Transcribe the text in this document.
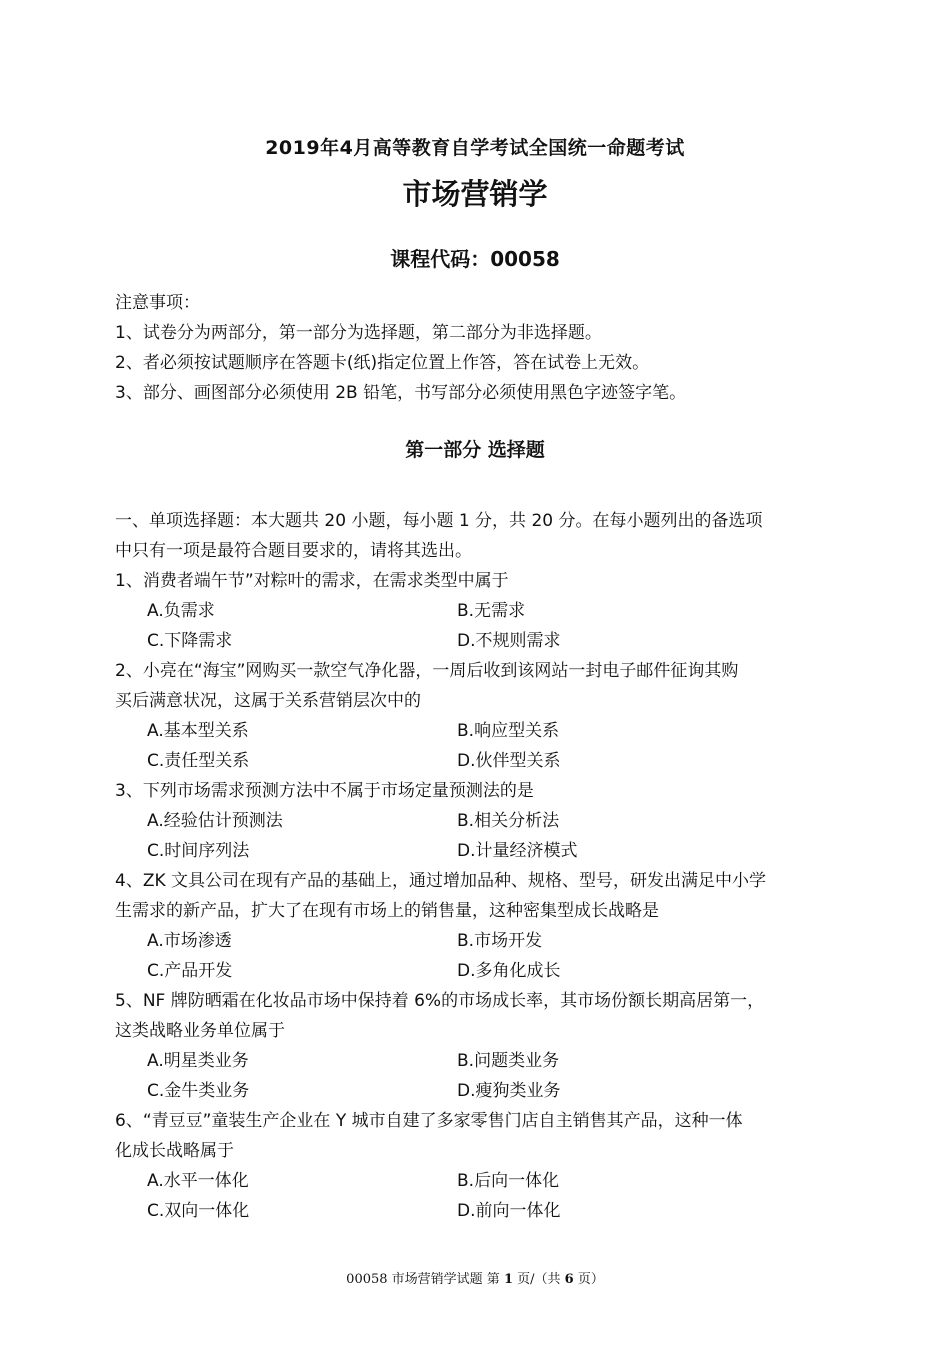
2019年4月高等教育自学考试全国统一命题考试
市场营销学
课程代码：00058
注意事项：
1、试卷分为两部分，第一部分为选择题，第二部分为非选择题。
2、者必须按试题顺序在答题卡(纸)指定位置上作答，答在试卷上无效。
3、部分、画图部分必须使用 2B 铅笔，书写部分必须使用黑色字迹签字笔。
第一部分 选择题
一、单项选择题：本大题共 20 小题，每小题 1 分，共 20 分。在每小题列出的备选项
中只有一项是最符合题目要求的，请将其选出。
1、消费者端午节”对粽叶的需求，在需求类型中属于
A.负需求	B.无需求
C.下降需求	D.不规则需求
2、小亮在“海宝”网购买一款空气净化器，一周后收到该网站一封电子邮件征询其购
买后满意状况，这属于关系营销层次中的
A.基本型关系	B.响应型关系
C.责任型关系	D.伙伴型关系
3、下列市场需求预测方法中不属于市场定量预测法的是
A.经验估计预测法	B.相关分析法
C.时间序列法	D.计量经济模式
4、ZK 文具公司在现有产品的基础上，通过增加品种、规格、型号，研发出满足中小学
生需求的新产品，扩大了在现有市场上的销售量，这种密集型成长战略是
A.市场渗透	B.市场开发
C.产品开发	D.多角化成长
5、NF 牌防晒霜在化妆品市场中保持着 6%的市场成长率，其市场份额长期高居第一，
这类战略业务单位属于
A.明星类业务	B.问题类业务
C.金牛类业务	D.瘦狗类业务
6、“青豆豆”童装生产企业在 Y 城市自建了多家零售门店自主销售其产品，这种一体
化成长战略属于
A.水平一体化	B.后向一体化
C.双向一体化	D.前向一体化
00058 市场营销学试题 第 1 页/（共 6 页）
